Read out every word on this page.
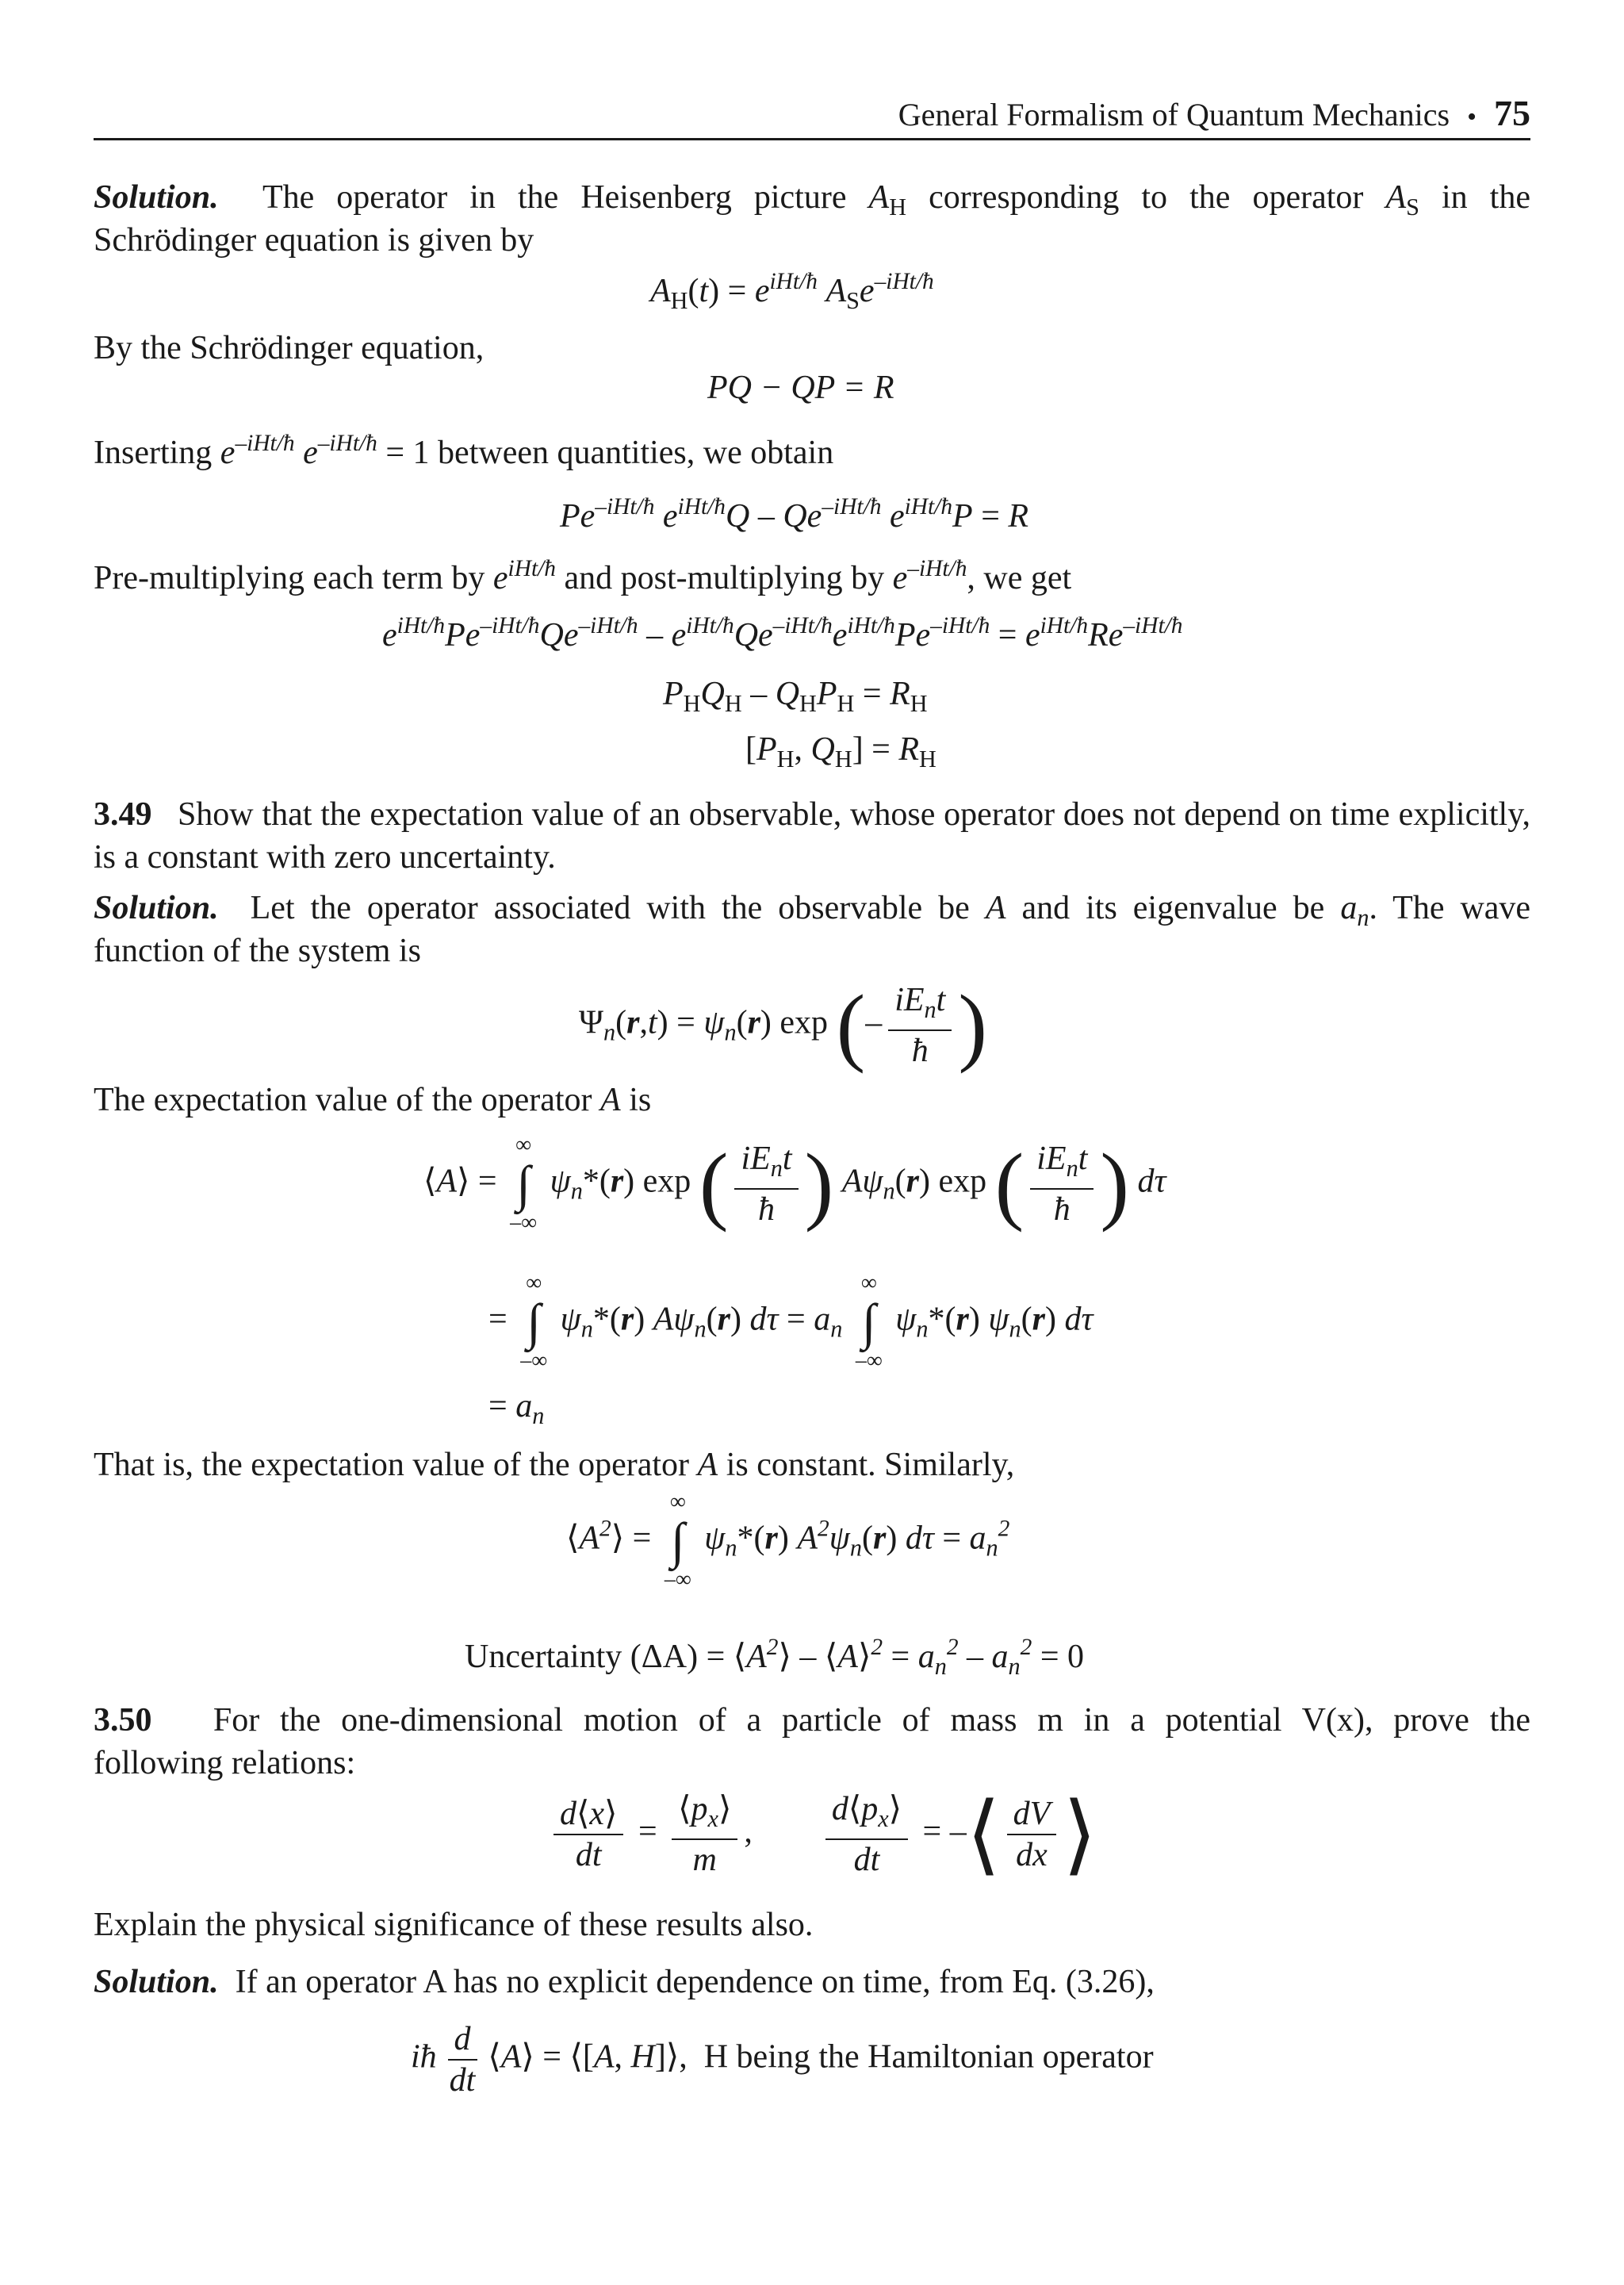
General Formalism of Quantum Mechanics • 75
Solution. The operator in the Heisenberg picture $A_H$ corresponding to the operator $A_S$ in the
Schrödinger equation is given by
$A_H(t) = e^{iHt/ħ}$ $A_Se^{-iHt/ħ}$
By the Schrödinger equation,
PQ − QP = R
Inserting $e^{-iHt/ħ}$ $e^{-iHt/ħ} = 1$ between quantities, we obtain
$Pe^{-iHt/ħ}$ $e^{iHt/ħ}Q - Qe^{-iHt/ħ}$ $e^{iHt/ħ}P = R$
Pre-multiplying each term by $e^{iHt/ħ}$ and post-multiplying by $e^{-iHt/ħ}$, we get
$e^{iHt/ħ}Pe^{-iHt/ħ}Qe^{-iHt/ħ} - e^{iHt/ħ}Qe^{-iHt/ħ}e^{iHt/ħ}Pe^{-iHt/ħ} = e^{iHt/ħ}Re^{-iHt/ħ}$
$P_HQ_H - Q_HP_H = R_H$
[$P_H$, $Q_H] = R_H$
3.49 Show that the expectation value of an observable, whose operator does not depend on time explicitly, is a constant with zero uncertainty.
Solution. Let the operator associated with the observable be A and its eigenvalue be $a_n$. The wave
function of the system is
$\Psi_n(r,t) = \psi_n(r)$ exp (– $\frac{iE_nt}{ħ}$ )
The expectation value of the operator A is
⟨A⟩ =
∞
∫
–∞
$\psi_n*(r)$ exp ( $\frac{iE_nt}{ħ}$ ) $A\psi_n(r)$ exp ( $\frac{iE_nt}{ħ}$ ) dτ
=
∞
∫
–∞
$\psi_n*(r)$ $A\psi_n(r) d\tau = a_n$
∞
∫
–∞
$\psi_n*(r)$ $\psi_n(r)$ dτ
= $a_n$
That is, the expectation value of the operator A is constant. Similarly,
$⟨A^2⟩$ =
∞
∫
–∞
$\psi_n*(r)$ $A^2\psi_n(r) d\tau = a_n^2$
Uncertainty $(\Delta A) = ⟨A^2⟩$ – ⟨A⟩$^2$ = $a_n^2 - a_n^2 = 0$
3.50 For the one-dimensional motion of a particle of mass m in a potential V(x), prove the
following relations:
$\frac{d⟨x⟩}{dt} = \frac{⟨p_x⟩}{m}$ , $\frac{d⟨p_x⟩}{dt}$ = –⟨ $\frac{dV}{dx}$ ⟩
Explain the physical significance of these results also.
Solution. If an operator A has no explicit dependence on time, from Eq. (3.26),
iħ $\frac{d}{dt}$ ⟨A⟩ = ⟨[A, H]⟩,  H being the Hamiltonian operator
